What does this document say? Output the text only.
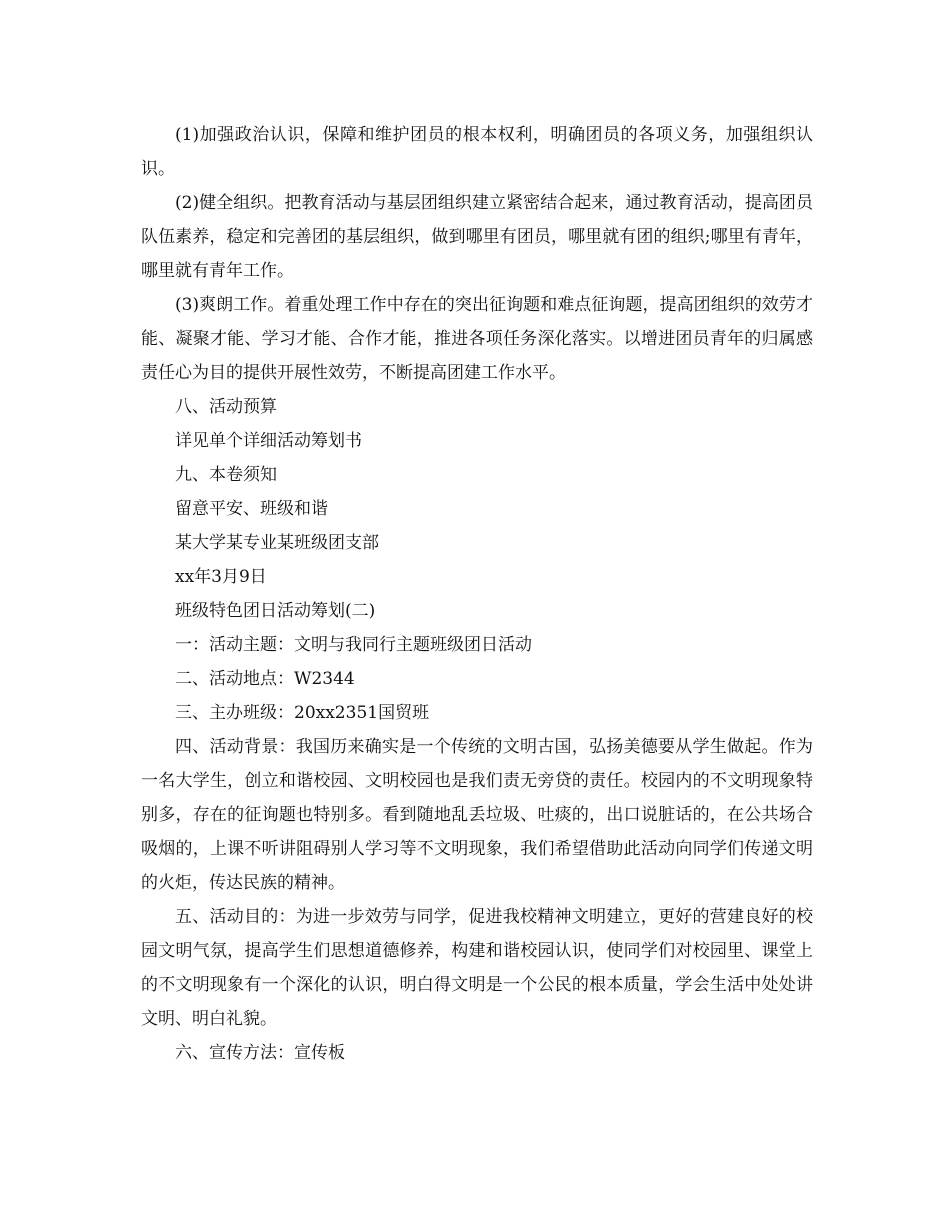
(1)加强政治认识，保障和维护团员的根本权利，明确团员的各项义务，加强组织认识。

(2)健全组织。把教育活动与基层团组织建立紧密结合起来，通过教育活动，提高团员队伍素养，稳定和完善团的基层组织，做到哪里有团员，哪里就有团的组织;哪里有青年，哪里就有青年工作。

(3)爽朗工作。着重处理工作中存在的突出征询题和难点征询题，提高团组织的效劳才能、凝聚才能、学习才能、合作才能，推进各项任务深化落实。以增进团员青年的归属感责任心为目的提供开展性效劳，不断提高团建工作水平。

八、活动预算

详见单个详细活动筹划书

九、本卷须知

留意平安、班级和谐

某大学某专业某班级团支部

xx年3月9日

班级特色团日活动筹划(二)

一：活动主题：文明与我同行主题班级团日活动

二、活动地点：W2344

三、主办班级：20xx2351国贸班

四、活动背景：我国历来确实是一个传统的文明古国，弘扬美德要从学生做起。作为一名大学生，创立和谐校园、文明校园也是我们责无旁贷的责任。校园内的不文明现象特别多，存在的征询题也特别多。看到随地乱丢垃圾、吐痰的，出口说脏话的，在公共场合吸烟的，上课不听讲阻碍别人学习等不文明现象，我们希望借助此活动向同学们传递文明的火炬，传达民族的精神。

五、活动目的：为进一步效劳与同学，促进我校精神文明建立，更好的营建良好的校园文明气氛，提高学生们思想道德修养，构建和谐校园认识，使同学们对校园里、课堂上的不文明现象有一个深化的认识，明白得文明是一个公民的根本质量，学会生活中处处讲文明、明白礼貌。

六、宣传方法：宣传板
